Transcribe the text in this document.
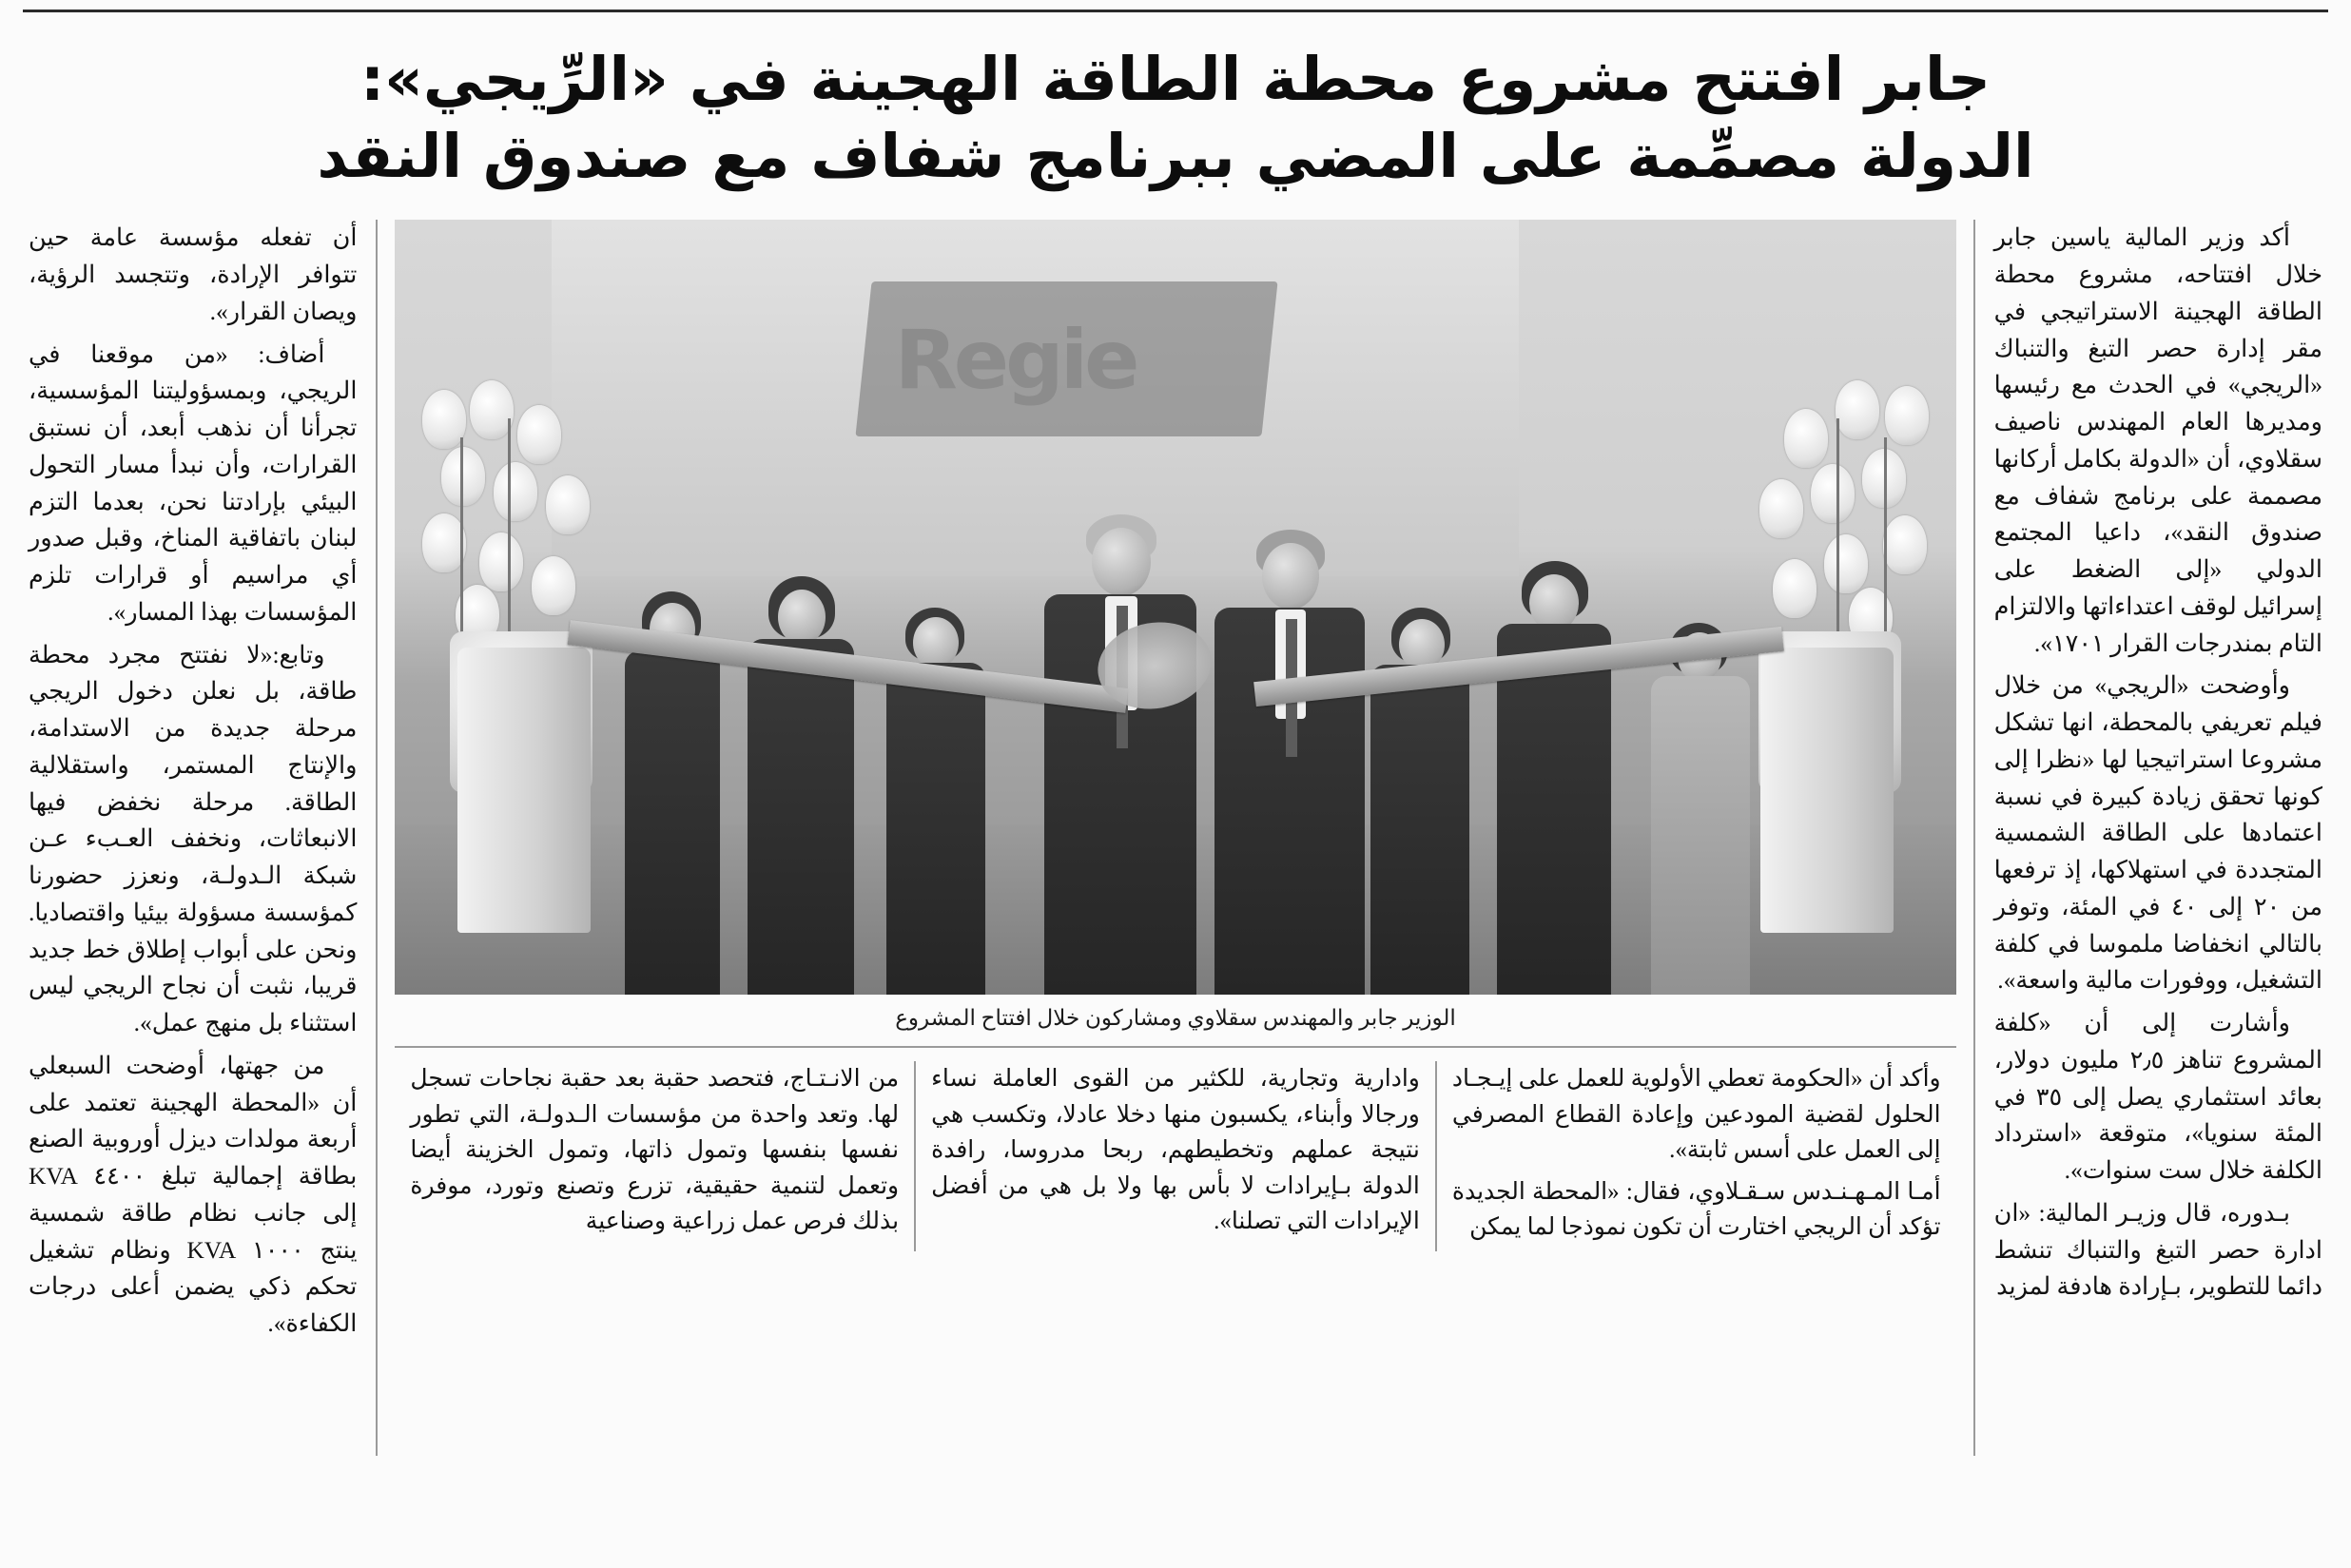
جابر افتتح مشروع محطة الطاقة الهجينة في «الرِّيجي»:
الدولة مصمِّمة على المضي ببرنامج شفاف مع صندوق النقد

أكد وزير المالية ياسين جابر خلال افتتاحه، مشروع محطة الطاقة الهجينة الاستراتيجي في مقر إدارة حصر التبغ والتنباك «الريجي» في الحدث مع رئيسها ومديرها العام المهندس ناصيف سقلاوي، أن «الدولة بكامل أركانها مصممة على برنامج شفاف مع صندوق النقد»، داعيا المجتمع الدولي «إلى الضغط على إسرائيل لوقف اعتداءاتها والالتزام التام بمندرجات القرار ١٧٠١».

وأوضحت «الريجي» من خلال فيلم تعريفي بالمحطة، انها تشكل مشروعا استراتيجيا لها «نظرا إلى كونها تحقق زيادة كبيرة في نسبة اعتمادها على الطاقة الشمسية المتجددة في استهلاكها، إذ ترفعها من ٢٠ إلى ٤٠ في المئة، وتوفر بالتالي انخفاضا ملموسا في كلفة التشغيل، ووفورات مالية واسعة».

وأشارت إلى أن «كلفة المشروع تناهز ٢٫٥ مليون دولار، بعائد استثماري يصل إلى ٣٥ في المئة سنويا»، متوقعة «استرداد الكلفة خلال ست سنوات».

بـدوره، قال وزيـر المالية: «ان ادارة حصر التبغ والتنباك تنشط دائما للتطوير، بـإرادة هادفة لمزيد

Regie
الوزير جابر والمهندس سقلاوي ومشاركون خلال افتتاح المشروع

وأكد أن «الحكومة تعطي الأولوية للعمل على إيـجـاد الحلول لقضية المودعين وإعادة القطاع المصرفي إلى العمل على أسس ثابتة».

أمـا المـهـنـدس سـقـلاوي، فقال: «المحطة الجديدة تؤكد أن الريجي اختارت أن تكون نموذجا لما يمكن

وادارية وتجارية، للكثير من القوى العاملة نساء ورجالا وأبناء، يكسبون منها دخلا عادلا، وتكسب هي نتيجة عملهم وتخطيطهم، ربحا مدروسا، رافدة الدولة بـإيرادات لا بأس بها ولا بل هي من أفضل الإيرادات التي تصلنا».

من الانـتـاج، فتحصد حقبة بعد حقبة نجاحات تسجل لها. وتعد واحدة من مؤسسات الـدولـة، التي تطور نفسها بنفسها وتمول ذاتها، وتمول الخزينة أيضا وتعمل لتنمية حقيقية، تزرع وتصنع وتورد، موفرة بذلك فرص عمل زراعية وصناعية

أن تفعله مؤسسة عامة حين تتوافر الإرادة، وتتجسد الرؤية، ويصان القرار».

أضاف: «من موقعنا في الريجي، وبمسؤوليتنا المؤسسية، تجرأنا أن نذهب أبعد، أن نستبق القرارات، وأن نبدأ مسار التحول البيئي بإرادتنا نحن، بعدما التزم لبنان باتفاقية المناخ، وقبل صدور أي مراسيم أو قرارات تلزم المؤسسات بهذا المسار».

وتابع:«لا نفتتح مجرد محطة طاقة، بل نعلن دخول الريجي مرحلة جديدة من الاستدامة، والإنتاج المستمر، واستقلالية الطاقة. مرحلة نخفض فيها الانبعاثات، ونخفف العـبء عـن شبكة الـدولـة، ونعزز حضورنا كمؤسسة مسؤولة بيئيا واقتصاديا. ونحن على أبواب إطلاق خط جديد قريبا، نثبت أن نجاح الريجي ليس استثناء بل منهج عمل».

من جهتها، أوضحت السبعلي أن «المحطة الهجينة تعتمد على أربعة مولدات ديزل أوروبية الصنع بطاقة إجمالية تبلغ ٤٤٠٠ KVA إلى جانب نظام طاقة شمسية ينتج ١٠٠٠ KVA ونظام تشغيل تحكم ذكي يضمن أعلى درجات الكفاءة».
